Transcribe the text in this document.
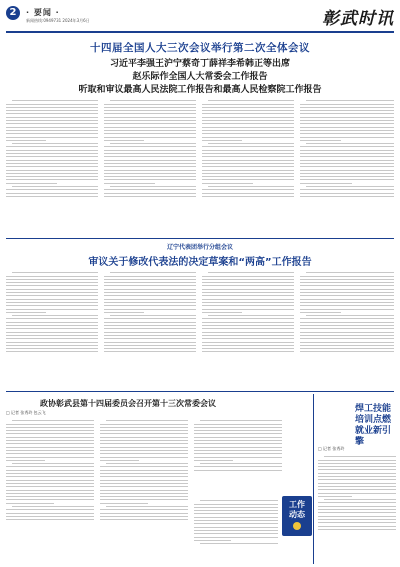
2	· 要闻 ·
新闻热线:0949731 2024年3月6日	彰武时讯
十四届全国人大三次会议举行第二次全体会议
习近平李强王沪宁蔡奇丁薛祥李希韩正等出席
赵乐际作全国人大常委会工作报告
听取和审议最高人民法院工作报告和最高人民检察院工作报告
辽宁代表团举行分组会议
审议关于修改代表法的决定草案和“两高”工作报告
政协彰武县第十四届委员会召开第十三次常委会议
□ 记者 张秀玲 包云飞
工作
动态
焊工技能培训点燃就业新引擎
□ 记者 张秀玲
